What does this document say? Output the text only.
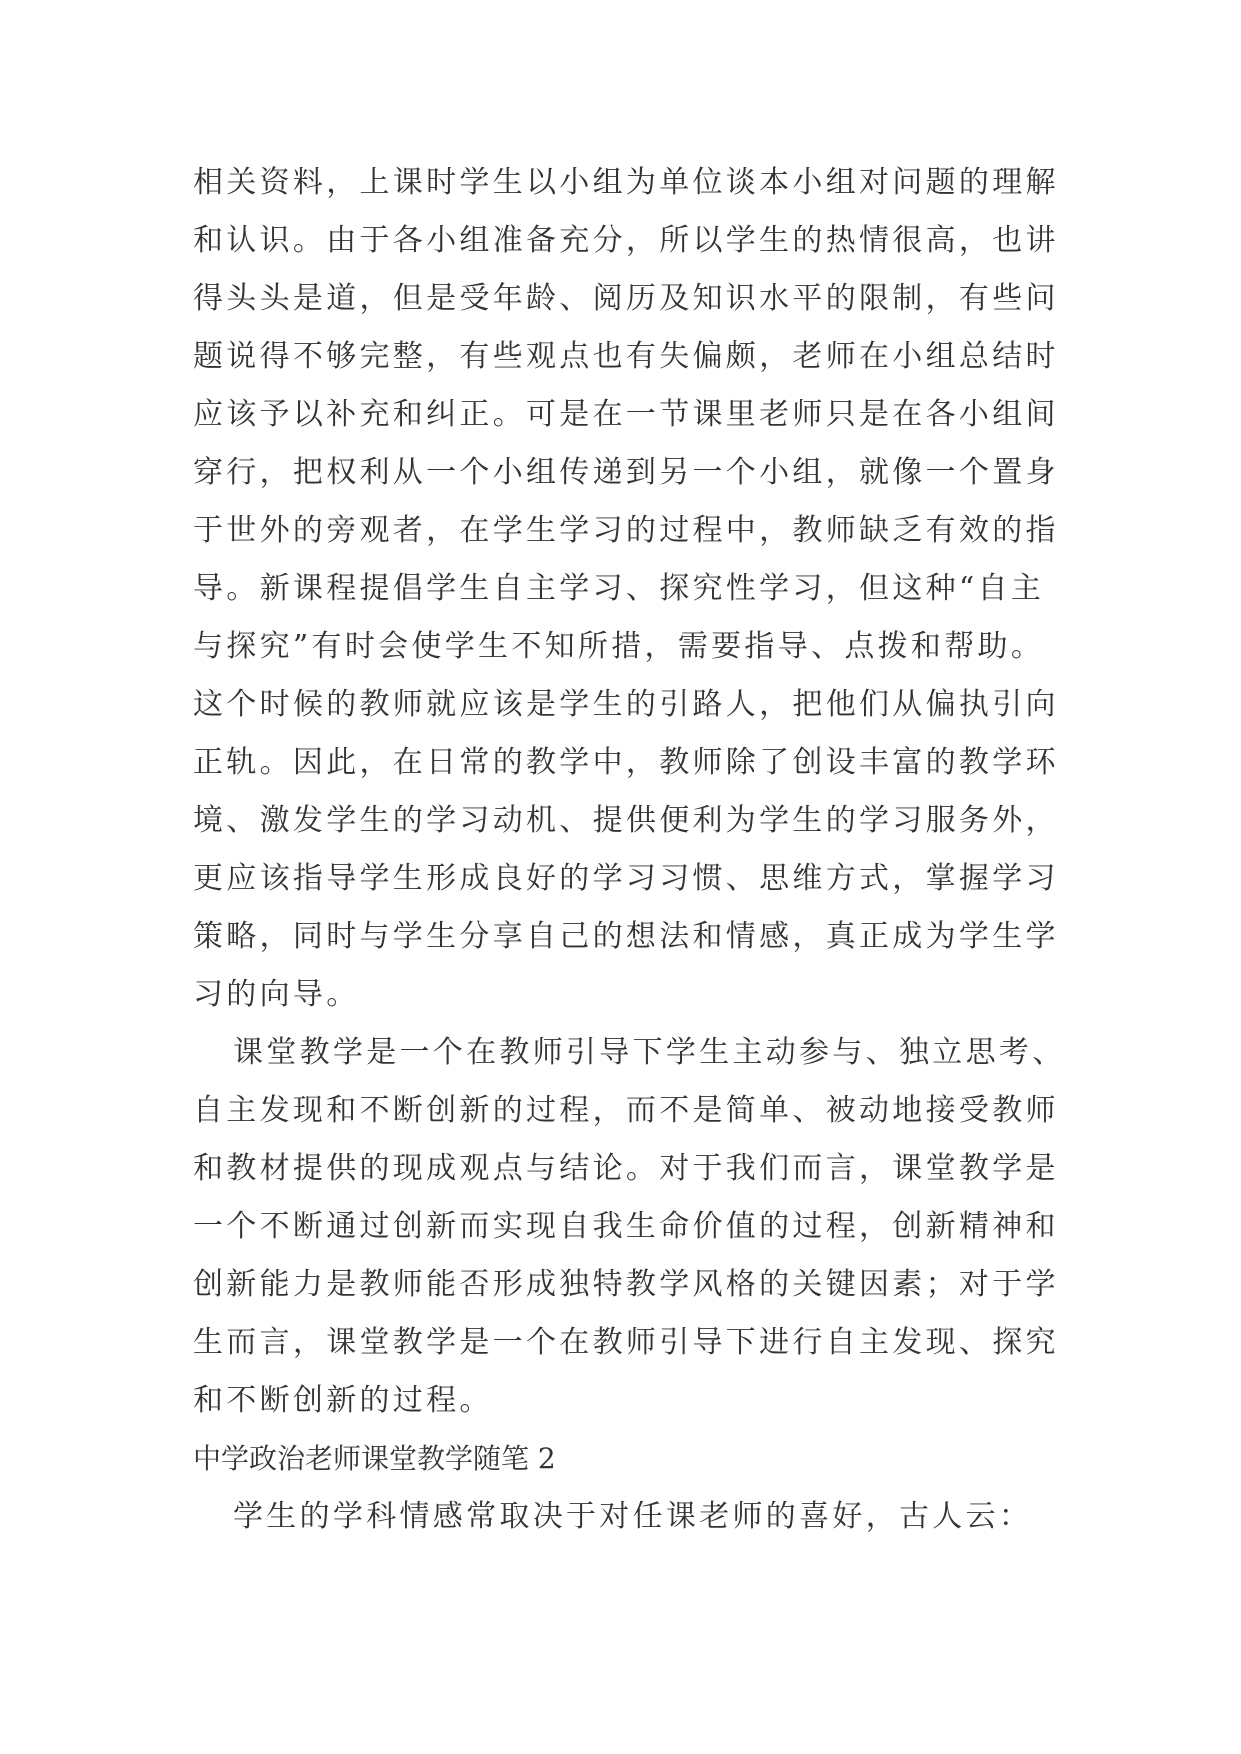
相关资料，上课时学生以小组为单位谈本小组对问题的理解
和认识。由于各小组准备充分，所以学生的热情很高，也讲
得头头是道，但是受年龄、阅历及知识水平的限制，有些问
题说得不够完整，有些观点也有失偏颇，老师在小组总结时
应该予以补充和纠正。可是在一节课里老师只是在各小组间
穿行，把权利从一个小组传递到另一个小组，就像一个置身
于世外的旁观者，在学生学习的过程中，教师缺乏有效的指
导。新课程提倡学生自主学习、探究性学习，但这种“自主
与探究”有时会使学生不知所措，需要指导、点拨和帮助。
这个时候的教师就应该是学生的引路人，把他们从偏执引向
正轨。因此，在日常的教学中，教师除了创设丰富的教学环
境、激发学生的学习动机、提供便利为学生的学习服务外，
更应该指导学生形成良好的学习习惯、思维方式，掌握学习
策略，同时与学生分享自己的想法和情感，真正成为学生学
习的向导。
课堂教学是一个在教师引导下学生主动参与、独立思考、
自主发现和不断创新的过程，而不是简单、被动地接受教师
和教材提供的现成观点与结论。对于我们而言，课堂教学是
一个不断通过创新而实现自我生命价值的过程，创新精神和
创新能力是教师能否形成独特教学风格的关键因素；对于学
生而言，课堂教学是一个在教师引导下进行自主发现、探究
和不断创新的过程。
中学政治老师课堂教学随笔 2
学生的学科情感常取决于对任课老师的喜好，古人云：
